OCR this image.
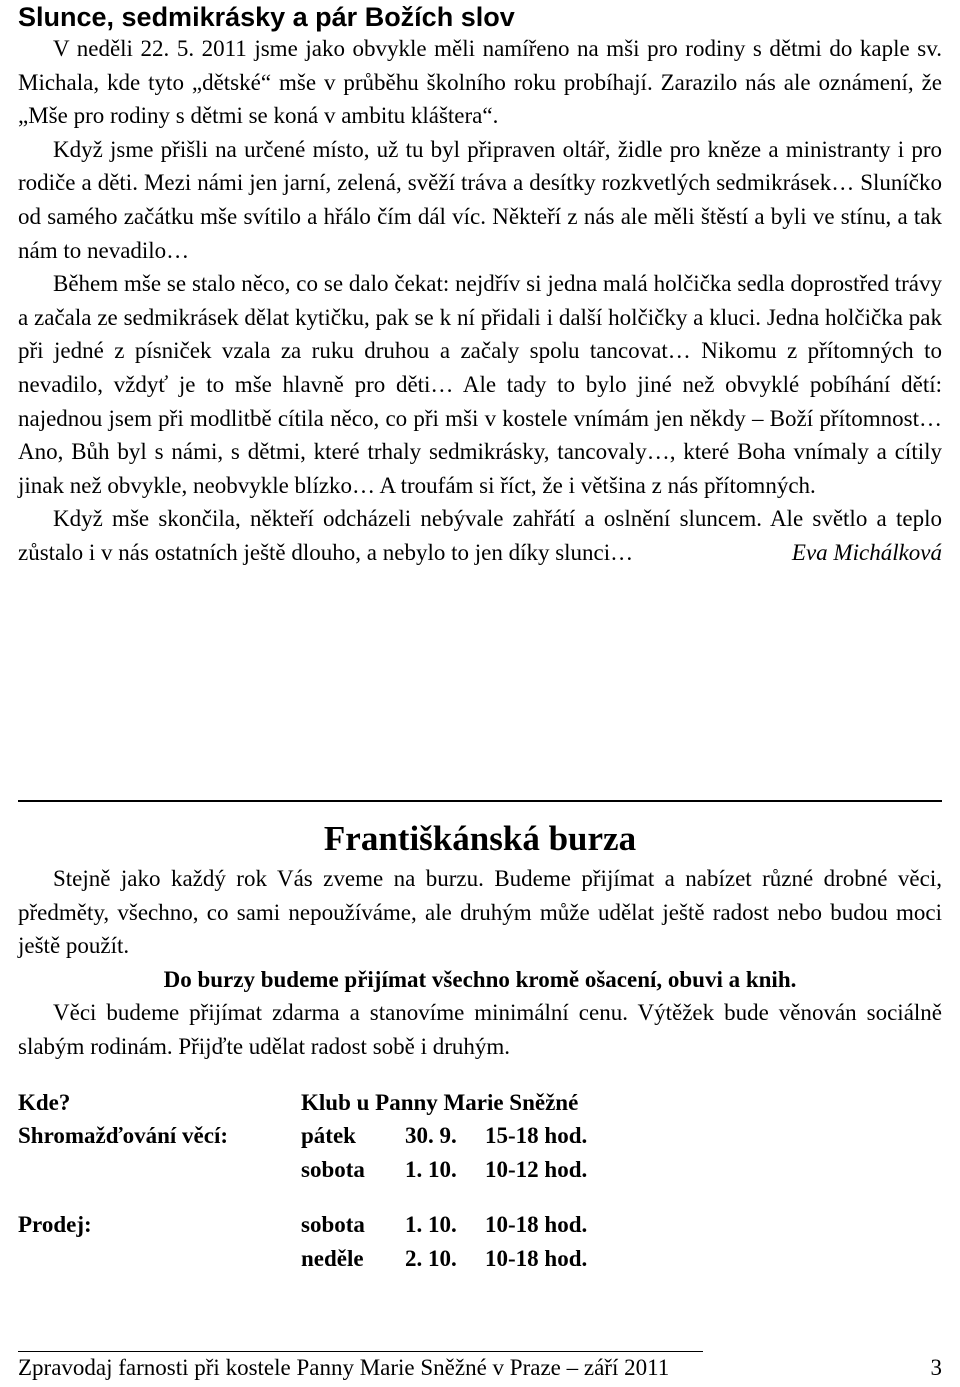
Slunce, sedmikrásky a pár Božích slov

V neděli 22. 5. 2011 jsme jako obvykle měli namířeno na mši pro rodiny s dětmi do kaple sv. Michala, kde tyto „dětské“ mše v průběhu školního roku probíhají. Zarazilo nás ale oznámení, že „Mše pro rodiny s dětmi se koná v ambitu kláštera“.

Když jsme přišli na určené místo, už tu byl připraven oltář, židle pro kněze a ministranty i pro rodiče a děti. Mezi námi jen jarní, zelená, svěží tráva a desítky rozkvetlých sedmikrásek… Sluníčko od samého začátku mše svítilo a hřálo čím dál víc. Někteří z nás ale měli štěstí a byli ve stínu, a tak nám to nevadilo…

Během mše se stalo něco, co se dalo čekat: nejdřív si jedna malá holčička sedla doprostřed trávy a začala ze sedmikrásek dělat kytičku, pak se k ní přidali i další holčičky a kluci. Jedna holčička pak při jedné z písniček vzala za ruku druhou a začaly spolu tancovat… Nikomu z přítomných to nevadilo, vždyť je to mše hlavně pro děti… Ale tady to bylo jiné než obvyklé pobíhání dětí: najednou jsem při modlitbě cítila něco, co při mši v kostele vnímám jen někdy – Boží přítomnost… Ano, Bůh byl s námi, s dětmi, které trhaly sedmikrásky, tancovaly…, které Boha vnímaly a cítily jinak než obvykle, neobvykle blízko… A troufám si říct, že i většina z nás přítomných.

Když mše skončila, někteří odcházeli nebývale zahřátí a oslnění sluncem. Ale světlo a teplo zůstalo i v nás ostatních ještě dlouho, a nebylo to jen díky slunci…	Eva Michálková

Františkánská burza

Stejně jako každý rok Vás zveme na burzu. Budeme přijímat a nabízet různé drobné věci, předměty, všechno, co sami nepoužíváme, ale druhým může udělat ještě radost nebo budou moci ještě použít.

Do burzy budeme přijímat všechno kromě ošacení, obuvi a knih.

Věci budeme přijímat zdarma a stanovíme minimální cenu. Výtěžek bude věnován sociálně slabým rodinám. Přijďte udělat radost sobě i druhým.

Kde?	Klub u Panny Marie Sněžné		
Shromažďování věcí:	pátek	30. 9.	15-18 hod.
	sobota	1. 10.	10-12 hod.

Prodej:	sobota	1. 10.	10-18 hod.
	neděle	2. 10.	10-18 hod.
Zpravodaj farnosti při kostele Panny Marie Sněžné v Praze – září 2011	3
